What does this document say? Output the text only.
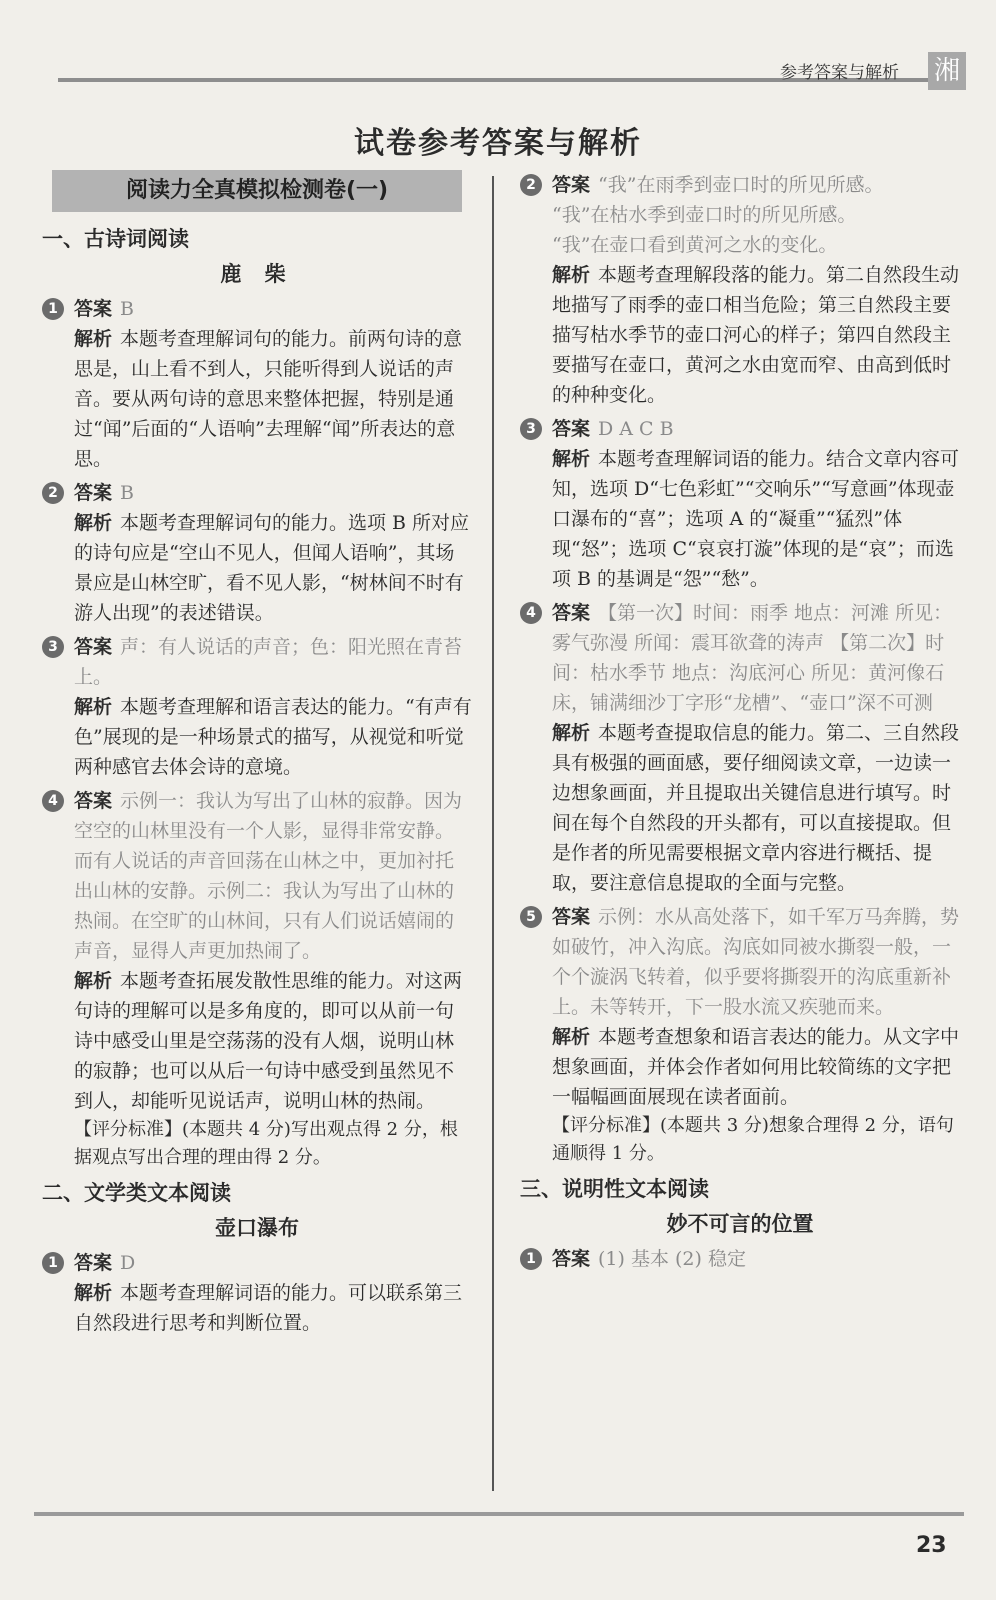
参考答案与解析 湘
试卷参考答案与解析
阅读力全真模拟检测卷(一)
一、古诗词阅读
鹿 柴
1 答案 B
解析 本题考查理解词句的能力。前两句诗的意思是，山上看不到人，只能听得到人说话的声音。要从两句诗的意思来整体把握，特别是通过“闻”后面的“人语响”去理解“闻”所表达的意思。
2 答案 B
解析 本题考查理解词句的能力。选项 B 所对应的诗句应是“空山不见人，但闻人语响”，其场景应是山林空旷，看不见人影，“树林间不时有游人出现”的表述错误。
3 答案 声：有人说话的声音；色：阳光照在青苔上。
解析 本题考查理解和语言表达的能力。“有声有色”展现的是一种场景式的描写，从视觉和听觉两种感官去体会诗的意境。
4 答案 示例一：我认为写出了山林的寂静。因为空空的山林里没有一个人影，显得非常安静。而有人说话的声音回荡在山林之中，更加衬托出山林的安静。示例二：我认为写出了山林的热闹。在空旷的山林间，只有人们说话嬉闹的声音，显得人声更加热闹了。
解析 本题考查拓展发散性思维的能力。对这两句诗的理解可以是多角度的，即可以从前一句诗中感受山里是空荡荡的没有人烟，说明山林的寂静；也可以从后一句诗中感受到虽然见不到人，却能听见说话声，说明山林的热闹。
【评分标准】(本题共 4 分)写出观点得 2 分，根据观点写出合理的理由得 2 分。
二、文学类文本阅读
壶口瀑布
1 答案 D
解析 本题考查理解词语的能力。可以联系第三自然段进行思考和判断位置。
2 答案 “我”在雨季到壶口时的所见所感。
“我”在枯水季到壶口时的所见所感。
“我”在壶口看到黄河之水的变化。
解析 本题考查理解段落的能力。第二自然段生动地描写了雨季的壶口相当危险；第三自然段主要描写枯水季节的壶口河心的样子；第四自然段主要描写在壶口，黄河之水由宽而窄、由高到低时的种种变化。
3 答案 D A C B
解析 本题考查理解词语的能力。结合文章内容可知，选项 D“七色彩虹”“交响乐”“写意画”体现壶口瀑布的“喜”；选项 A 的“凝重”“猛烈”体现“怒”；选项 C“哀哀打漩”体现的是“哀”；而选项 B 的基调是“怨”“愁”。
4 答案 【第一次】时间：雨季 地点：河滩 所见：雾气弥漫 所闻：震耳欲聋的涛声 【第二次】时间：枯水季节 地点：沟底河心 所见：黄河像石床，铺满细沙丁字形“龙槽”、“壶口”深不可测
解析 本题考查提取信息的能力。第二、三自然段具有极强的画面感，要仔细阅读文章，一边读一边想象画面，并且提取出关键信息进行填写。时间在每个自然段的开头都有，可以直接提取。但是作者的所见需要根据文章内容进行概括、提取，要注意信息提取的全面与完整。
5 答案 示例：水从高处落下，如千军万马奔腾，势如破竹，冲入沟底。沟底如同被水撕裂一般，一个个漩涡飞转着，似乎要将撕裂开的沟底重新补上。未等转开，下一股水流又疾驰而来。
解析 本题考查想象和语言表达的能力。从文字中想象画面，并体会作者如何用比较简练的文字把一幅幅画面展现在读者面前。
【评分标准】(本题共 3 分)想象合理得 2 分，语句通顺得 1 分。
三、说明性文本阅读
妙不可言的位置
1 答案 (1) 基本 (2) 稳定
23
